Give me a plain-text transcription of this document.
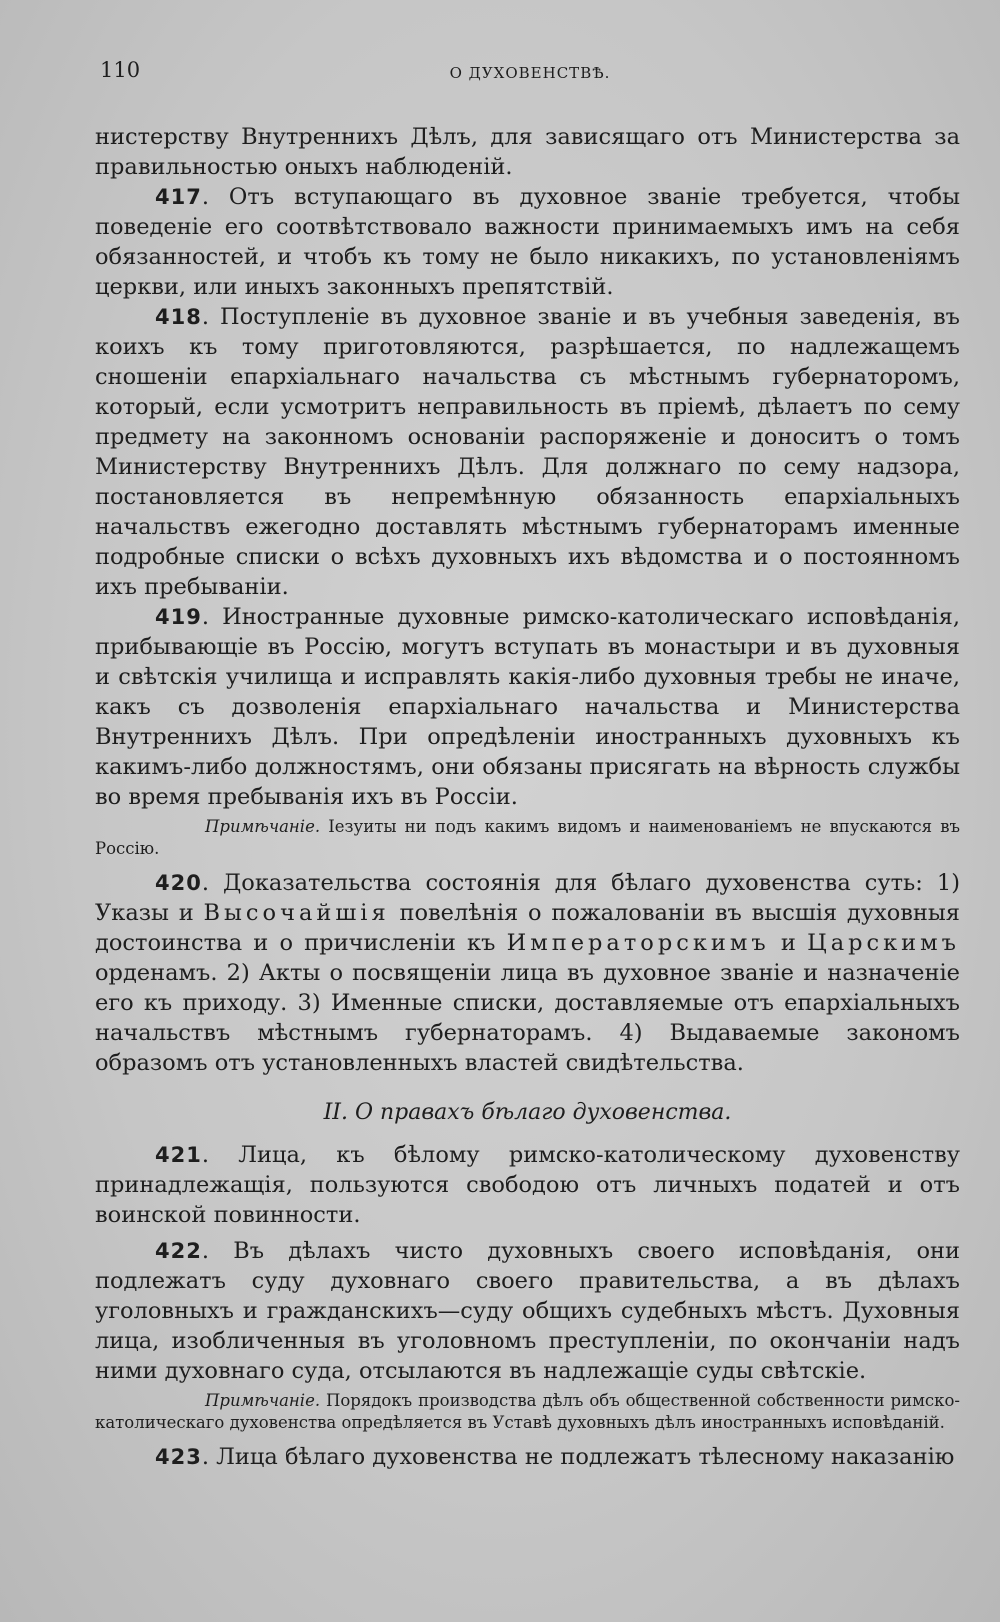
110	О ДУХОВЕНСТВѢ.

нистерству Внутреннихъ Дѣлъ, для зависящаго отъ Министерства за правильностью оныхъ наблюденій.

417. Отъ вступающаго въ духовное званіе требуется, чтобы поведеніе его соотвѣтствовало важности принимаемыхъ имъ на себя обязанностей, и чтобъ къ тому не было никакихъ, по установленіямъ церкви, или иныхъ законныхъ препятствій.

418. Поступленіе въ духовное званіе и въ учебныя заведенія, въ коихъ къ тому приготовляются, разрѣшается, по надлежащемъ сношеніи епархіальнаго начальства съ мѣстнымъ губернаторомъ, который, если усмотритъ неправильность въ пріемѣ, дѣлаетъ по сему предмету на законномъ основаніи распоряженіе и доноситъ о томъ Министерству Внутреннихъ Дѣлъ. Для должнаго по сему надзора, постановляется въ непремѣнную обязанность епархіальныхъ начальствъ ежегодно доставлять мѣстнымъ губернаторамъ именные подробные списки о всѣхъ духовныхъ ихъ вѣдомства и о постоянномъ ихъ пребываніи.

419. Иностранные духовные римско-католическаго исповѣданія, прибывающіе въ Россію, могутъ вступать въ монастыри и въ духовныя и свѣтскія училища и исправлять какія-либо духовныя требы не иначе, какъ съ дозволенія епархіальнаго начальства и Министерства Внутреннихъ Дѣлъ. При опредѣленіи иностранныхъ духовныхъ къ какимъ-либо должностямъ, они обязаны присягать на вѣрность службы во время пребыванія ихъ въ Россіи.

Примѣчаніе. Іезуиты ни подъ какимъ видомъ и наименованіемъ не впускаются въ Россію.

420. Доказательства состоянія для бѣлаго духовенства суть: 1) Указы и Высочайшія повелѣнія о пожалованіи въ высшія духовныя достоинства и о причисленіи къ Императорскимъ и Царскимъ орденамъ. 2) Акты о посвященіи лица въ духовное званіе и назначеніе его къ приходу. 3) Именные списки, доставляемые отъ епархіальныхъ начальствъ мѣстнымъ губернаторамъ. 4) Выдаваемые закономъ образомъ отъ установленныхъ властей свидѣтельства.

II. О правахъ бѣлаго духовенства.

421. Лица, къ бѣлому римско-католическому духовенству принадлежащія, пользуются свободою отъ личныхъ податей и отъ воинской повинности.

422. Въ дѣлахъ чисто духовныхъ своего исповѣданія, они подлежатъ суду духовнаго своего правительства, а въ дѣлахъ уголовныхъ и гражданскихъ—суду общихъ судебныхъ мѣстъ. Духовныя лица, изобличенныя въ уголовномъ преступленіи, по окончаніи надъ ними духовнаго суда, отсылаются въ надлежащіе суды свѣтскіе.

Примѣчаніе. Порядокъ производства дѣлъ объ общественной собственности римско-католическаго духовенства опредѣляется въ Уставѣ духовныхъ дѣлъ иностранныхъ исповѣданій.

423. Лица бѣлаго духовенства не подлежатъ тѣлесному наказанію
